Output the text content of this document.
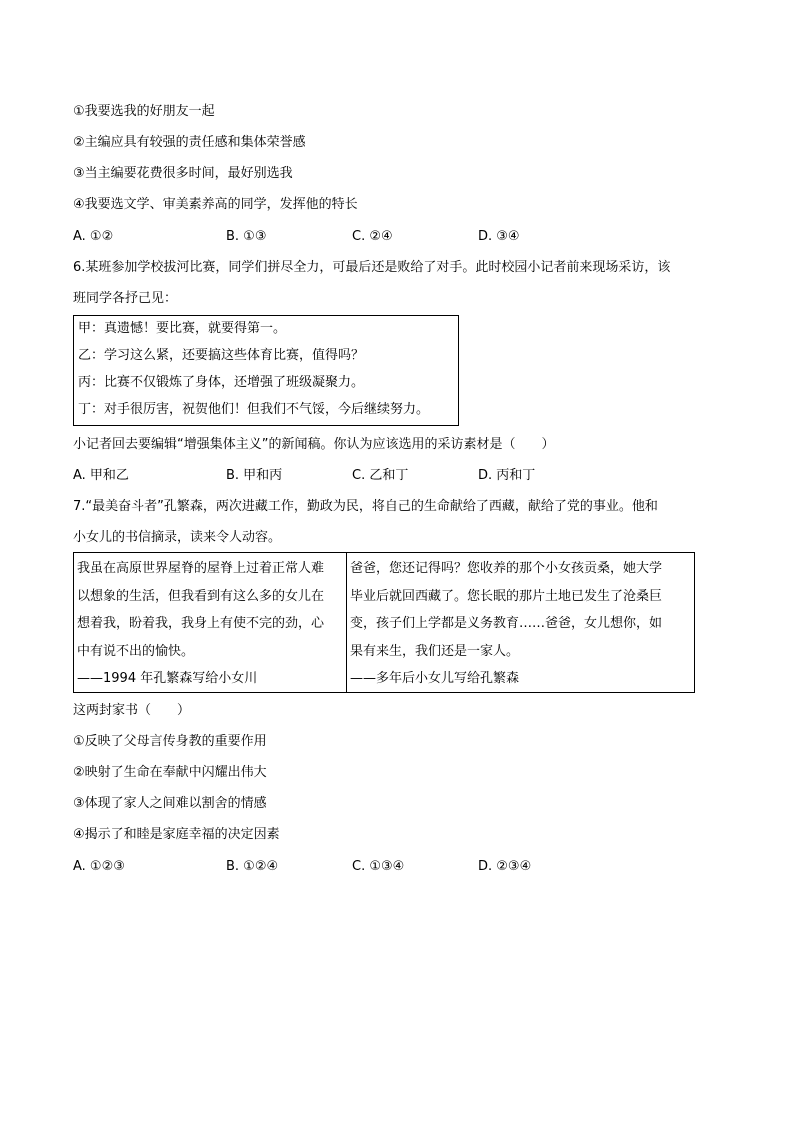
①我要选我的好朋友一起
②主编应具有较强的责任感和集体荣誉感
③当主编要花费很多时间，最好别选我
④我要选文学、审美素养高的同学，发挥他的特长
A. ①②	B. ①③	C. ②④	D. ③④
6.某班参加学校拔河比赛，同学们拼尽全力，可最后还是败给了对手。此时校园小记者前来现场采访，该
班同学各抒己见：
甲：真遗憾！要比赛，就要得第一。
乙：学习这么紧，还要搞这些体育比赛，值得吗？
丙：比赛不仅锻炼了身体，还增强了班级凝聚力。
丁：对手很厉害，祝贺他们！但我们不气馁，今后继续努力。
小记者回去要编辑“增强集体主义”的新闻稿。你认为应该选用的采访素材是（　　）
A. 甲和乙	B. 甲和丙	C. 乙和丁	D. 丙和丁
7.“最美奋斗者”孔繁森，两次进藏工作，勤政为民，将自己的生命献给了西藏，献给了党的事业。他和
小女儿的书信摘录，读来令人动容。
我虽在高原世界屋脊的屋脊上过着正常人难
以想象的生活，但我看到有这么多的女儿在
想着我，盼着我，我身上有使不完的劲，心
中有说不出的愉快。
——1994 年孔繁森写给小女川
爸爸，您还记得吗？您收养的那个小女孩贡桑，她大学
毕业后就回西藏了。您长眠的那片土地已发生了沧桑巨
变，孩子们上学都是义务教育……爸爸，女儿想你，如
果有来生，我们还是一家人。
——多年后小女儿写给孔繁森
这两封家书（　　）
①反映了父母言传身教的重要作用
②映射了生命在奉献中闪耀出伟大
③体现了家人之间难以割舍的情感
④揭示了和睦是家庭幸福的决定因素
A. ①②③	B. ①②④	C. ①③④	D. ②③④
